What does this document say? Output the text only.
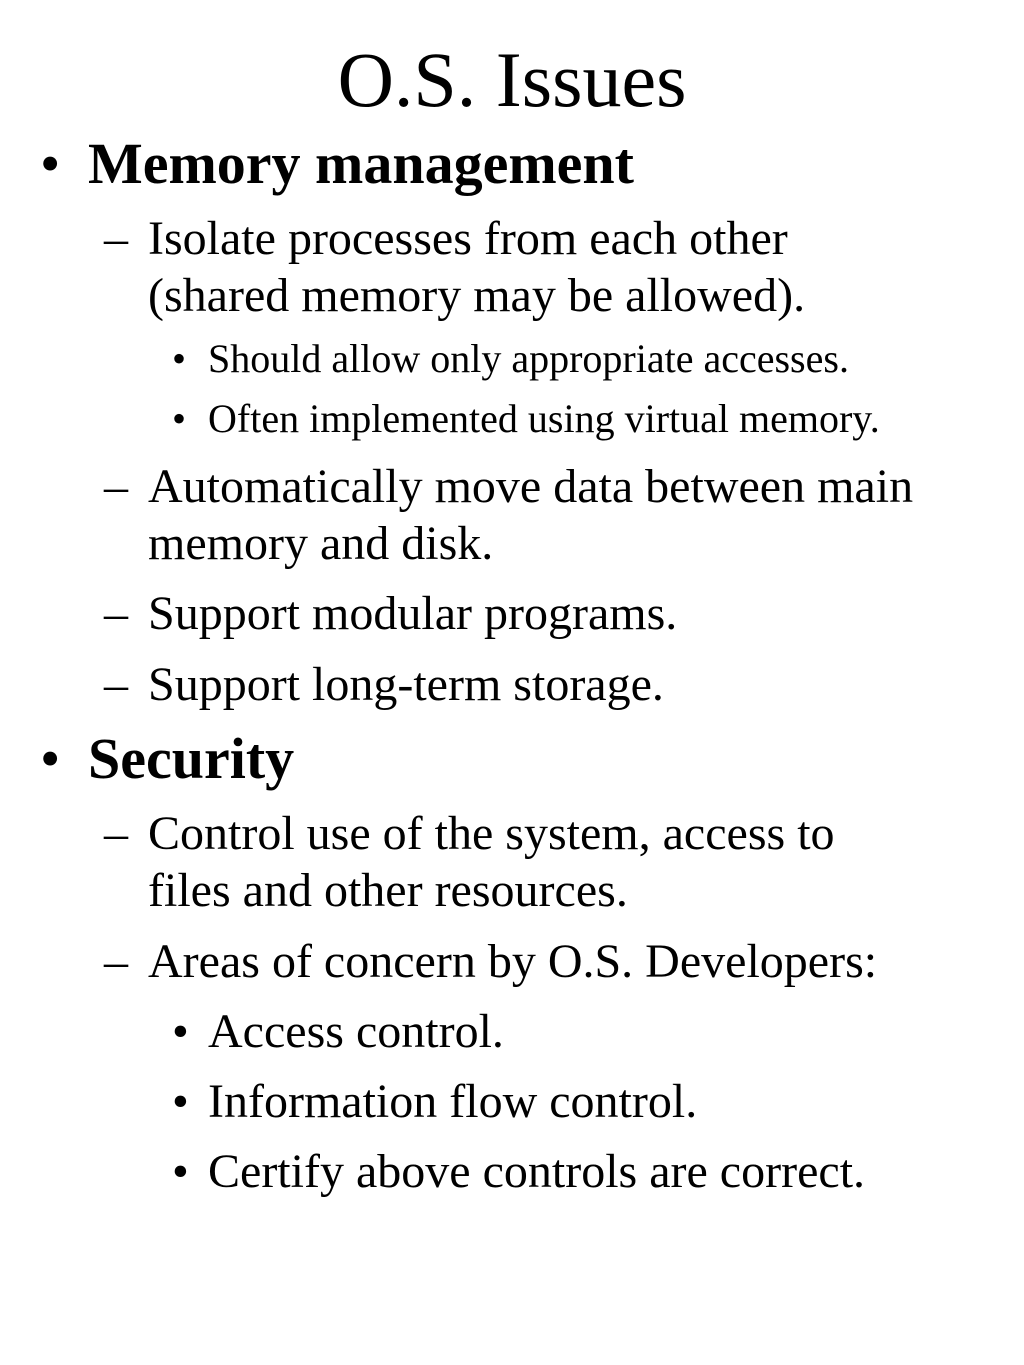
O.S. Issues
• Memory management
– Isolate processes from each other
(shared memory may be allowed).
• Should allow only appropriate accesses.
• Often implemented using virtual memory.
– Automatically move data between main
memory and disk.
– Support modular programs.
– Support long-term storage.
• Security
– Control use of the system, access to
files and other resources.
– Areas of concern by O.S. Developers:
• Access control.
• Information flow control.
• Certify above controls are correct.
